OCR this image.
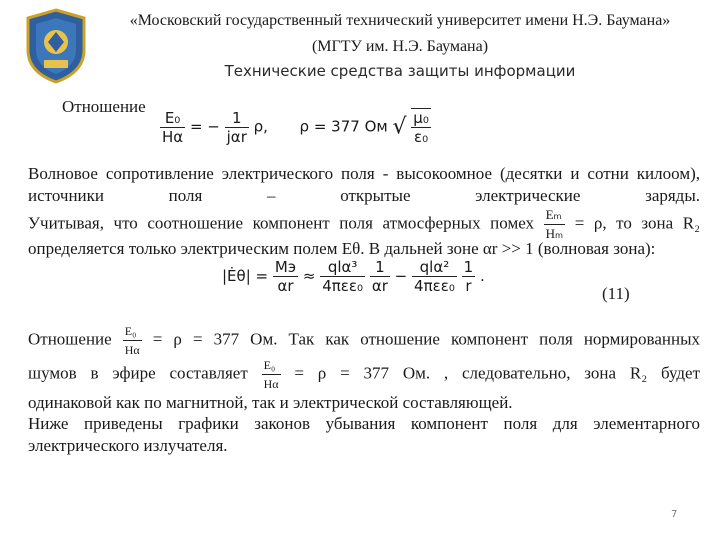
«Московский государственный технический университет имени Н.Э. Баумана»
(МГТУ им. Н.Э. Баумана)
Технические средства защиты информации
Отношение
$\frac{\text{E₀}}{H\alpha}$ = − $\frac{1}{\text{jαr}} \rho$, ρ = 377 Ом √ $\frac{\text{μ₀}}{\text{ε₀}}$
Волновое сопротивление электрического поля - высокоомное (десятки и сотни килоом), источники поля – открытые электрические заряды.
Учитывая, что соотношение компонент поля атмосферных помех $\frac{\text{Eₘ}}{\text{Hₘ}} = \rho$, то зона R₂
определяется только электрическим полем Eθ. В дальней зоне αr >> 1 (волновая зона):
|Ėθ| = $\frac{Mэ}{\alpha r} \approx \frac{\text{qlα³}}{\text{4πεε₀}}$
$\frac{1}{\alpha r} - \frac{\text{qlα²}}{\text{4πεε₀}}$
$\frac{1}{r}$ .
(11)
Отношение $\frac{\text{E₀}}{H\alpha} = \rho = 377$ Ом. Так как отношение компонент поля нормированных
шумов в эфире составляет $\frac{\text{E₀}}{H\alpha} = \rho = 377$ Ом. , следовательно, зона R₂ будет
одинаковой как по магнитной, так и электрической составляющей.
Ниже приведены графики законов убывания компонент поля для элементарного электрического излучателя.
7
